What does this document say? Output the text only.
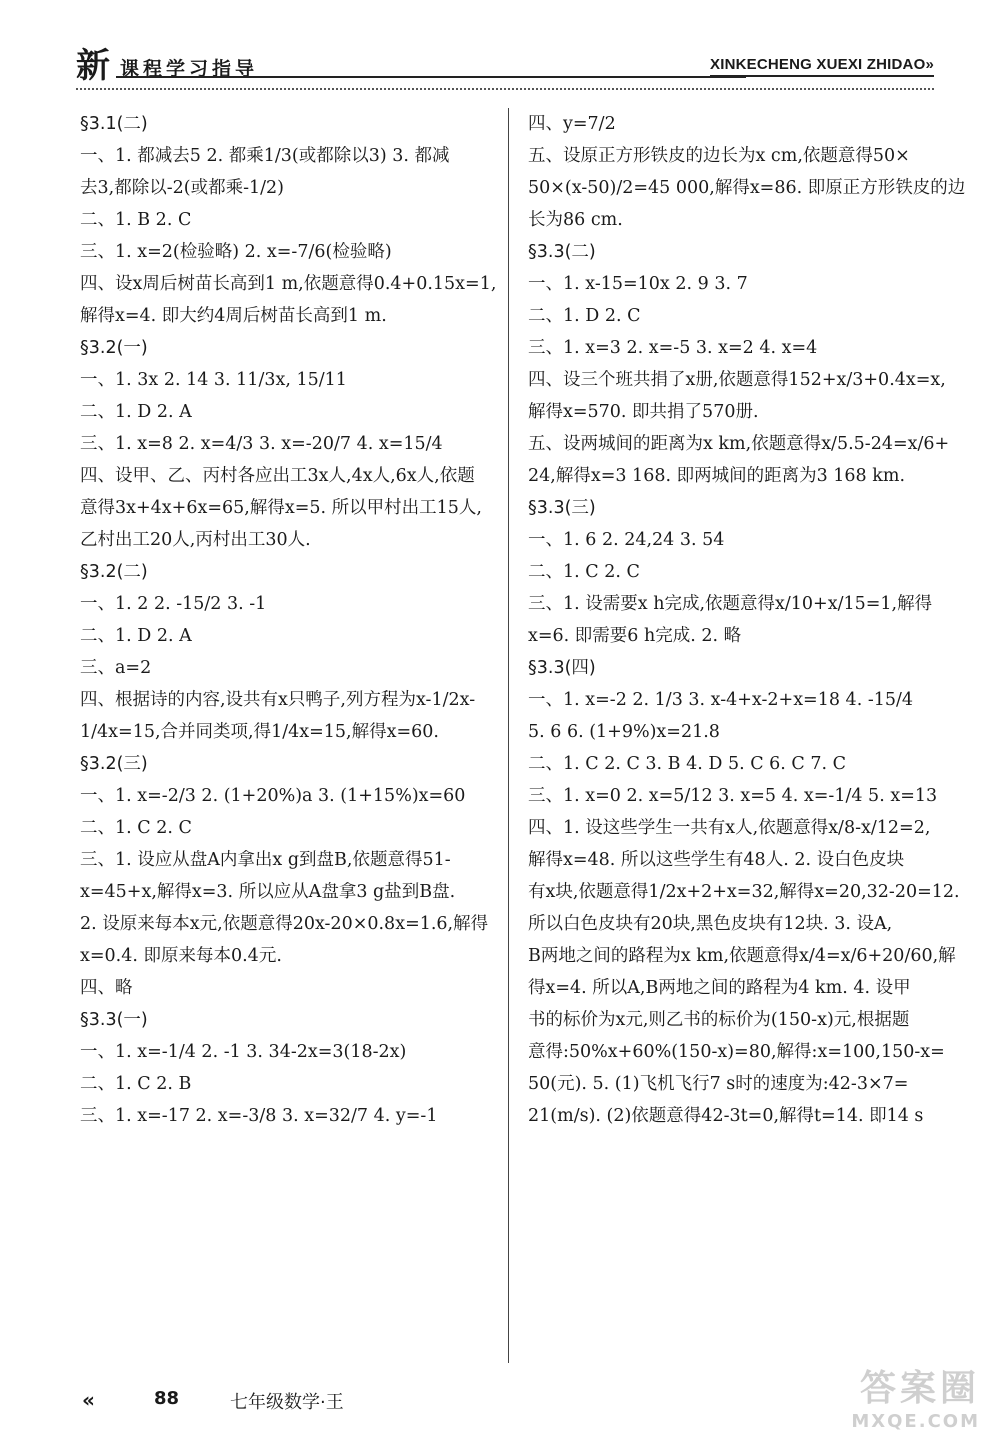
新 课程学习指导	XINKECHENG XUEXI ZHIDAO»
§3.1(二)
一、1. 都减去5 2. 都乘1/3(或都除以3) 3. 都减
去3,都除以-2(或都乘-1/2)
二、1. B 2. C
三、1. x=2(检验略) 2. x=-7/6(检验略)
四、设x周后树苗长高到1 m,依题意得0.4+0.15x=1,
解得x=4. 即大约4周后树苗长高到1 m.
§3.2(一)
一、1. 3x 2. 14 3. 11/3x, 15/11
二、1. D 2. A
三、1. x=8 2. x=4/3 3. x=-20/7 4. x=15/4
四、设甲、乙、丙村各应出工3x人,4x人,6x人,依题
意得3x+4x+6x=65,解得x=5. 所以甲村出工15人,
乙村出工20人,丙村出工30人.
§3.2(二)
一、1. 2 2. -15/2 3. -1
二、1. D 2. A
三、a=2
四、根据诗的内容,设共有x只鸭子,列方程为x-1/2x-
1/4x=15,合并同类项,得1/4x=15,解得x=60.
§3.2(三)
一、1. x=-2/3 2. (1+20%)a 3. (1+15%)x=60
二、1. C 2. C
三、1. 设应从盘A内拿出x g到盘B,依题意得51-
x=45+x,解得x=3. 所以应从A盘拿3 g盐到B盘.
2. 设原来每本x元,依题意得20x-20×0.8x=1.6,解得
x=0.4. 即原来每本0.4元.
四、略
§3.3(一)
一、1. x=-1/4 2. -1 3. 34-2x=3(18-2x)
二、1. C 2. B
三、1. x=-17 2. x=-3/8 3. x=32/7 4. y=-1
四、y=7/2
五、设原正方形铁皮的边长为x cm,依题意得50×
50×(x-50)/2=45 000,解得x=86. 即原正方形铁皮的边
长为86 cm.
§3.3(二)
一、1. x-15=10x 2. 9 3. 7
二、1. D 2. C
三、1. x=3 2. x=-5 3. x=2 4. x=4
四、设三个班共捐了x册,依题意得152+x/3+0.4x=x,
解得x=570. 即共捐了570册.
五、设两城间的距离为x km,依题意得x/5.5-24=x/6+
24,解得x=3 168. 即两城间的距离为3 168 km.
§3.3(三)
一、1. 6 2. 24,24 3. 54
二、1. C 2. C
三、1. 设需要x h完成,依题意得x/10+x/15=1,解得
x=6. 即需要6 h完成. 2. 略
§3.3(四)
一、1. x=-2 2. 1/3 3. x-4+x-2+x=18 4. -15/4
5. 6 6. (1+9%)x=21.8
二、1. C 2. C 3. B 4. D 5. C 6. C 7. C
三、1. x=0 2. x=5/12 3. x=5 4. x=-1/4 5. x=13
四、1. 设这些学生一共有x人,依题意得x/8-x/12=2,
解得x=48. 所以这些学生有48人. 2. 设白色皮块
有x块,依题意得1/2x+2+x=32,解得x=20,32-20=12.
所以白色皮块有20块,黑色皮块有12块. 3. 设A,
B两地之间的路程为x km,依题意得x/4=x/6+20/60,解
得x=4. 所以A,B两地之间的路程为4 km. 4. 设甲
书的标价为x元,则乙书的标价为(150-x)元,根据题
意得:50%x+60%(150-x)=80,解得:x=100,150-x=
50(元). 5. (1)飞机飞行7 s时的速度为:42-3×7=
21(m/s). (2)依题意得42-3t=0,解得t=14. 即14 s
«	88	七年级数学·王	答案圈
MXQE.COM
